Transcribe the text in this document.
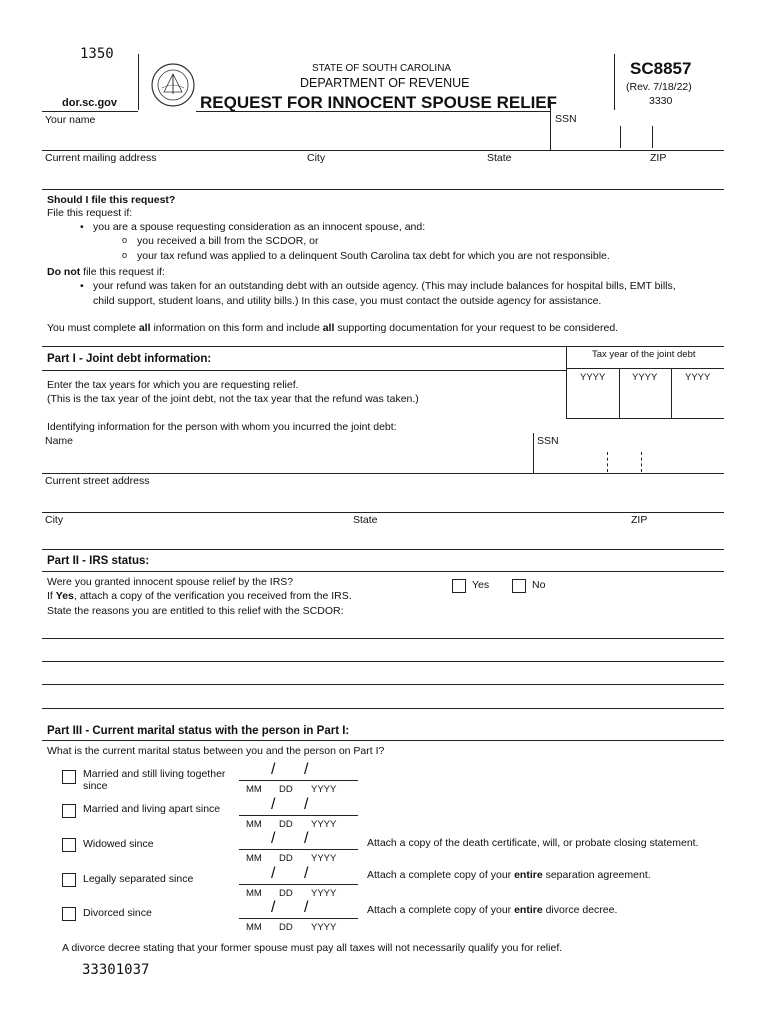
1350
STATE OF SOUTH CAROLINA
DEPARTMENT OF REVENUE
REQUEST FOR INNOCENT SPOUSE RELIEF
dor.sc.gov
SC8857
(Rev. 7/18/22)
3330
Your name	SSN
Current mailing address	City	State	ZIP
Should I file this request?
File this request if:
• you are a spouse requesting consideration as an innocent spouse, and:
o you received a bill from the SCDOR, or
o your tax refund was applied to a delinquent South Carolina tax debt for which you are not responsible.
Do not file this request if:
• your refund was taken for an outstanding debt with an outside agency. (This may include balances for hospital bills, EMT bills,
child support, student loans, and utility bills.) In this case, you must contact the outside agency for assistance.
You must complete all information on this form and include all supporting documentation for your request to be considered.
Part I - Joint debt information:	Tax year of the joint debt
YYYY	YYYY	YYYY
Enter the tax years for which you are requesting relief.
(This is the tax year of the joint debt, not the tax year that the refund was taken.)
Identifying information for the person with whom you incurred the joint debt:
Name	SSN
Current street address
City	State	ZIP
Part II - IRS status:
Were you granted innocent spouse relief by the IRS?
If Yes, attach a copy of the verification you received from the IRS.
State the reasons you are entitled to this relief with the SCDOR:
Yes	No
Part III - Current marital status with the person in Part I:
What is the current marital status between you and the person on Part I?
Married and still living together
since
/ /
MM DD YYYY
Married and living apart since	/ /
MM DD YYYY
Widowed since	/ /
MM DD YYYY
Attach a copy of the death certificate, will, or probate closing statement.
Legally separated since	/ /
MM DD YYYY
Attach a complete copy of your entire separation agreement.
Divorced since	/ /
MM DD YYYY
Attach a complete copy of your entire divorce decree.
A divorce decree stating that your former spouse must pay all taxes will not necessarily qualify you for relief.
33301037
